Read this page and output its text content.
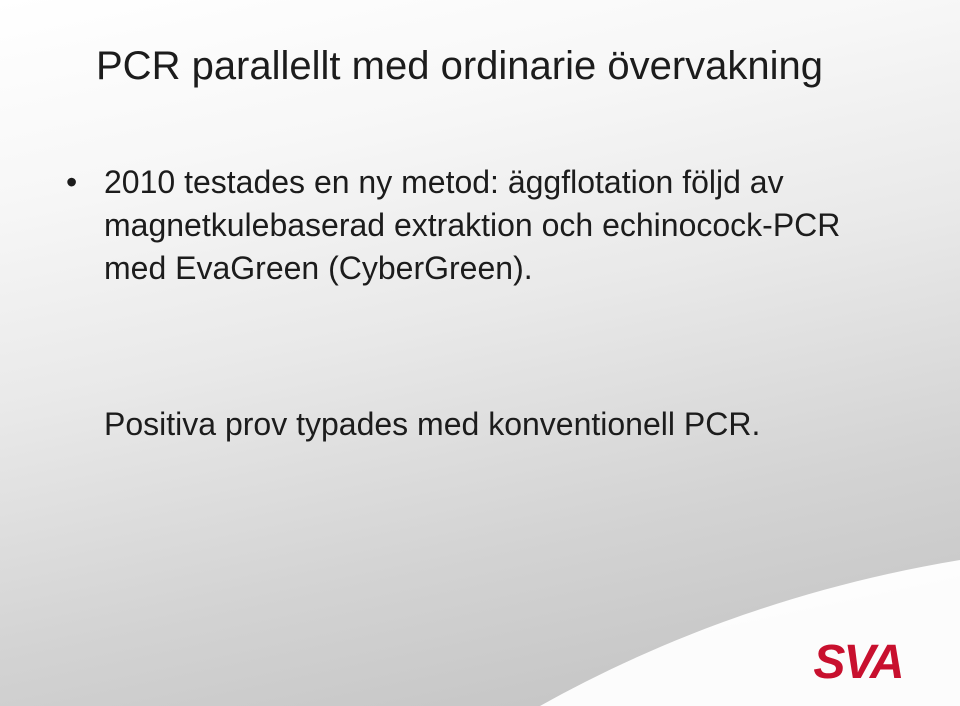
PCR parallellt med ordinarie övervakning
• 2010 testades en ny metod: äggflotation följd av magnetkulebaserad extraktion och echinocock-PCR med EvaGreen (CyberGreen).
Positiva prov typades med konventionell PCR.
SVA
